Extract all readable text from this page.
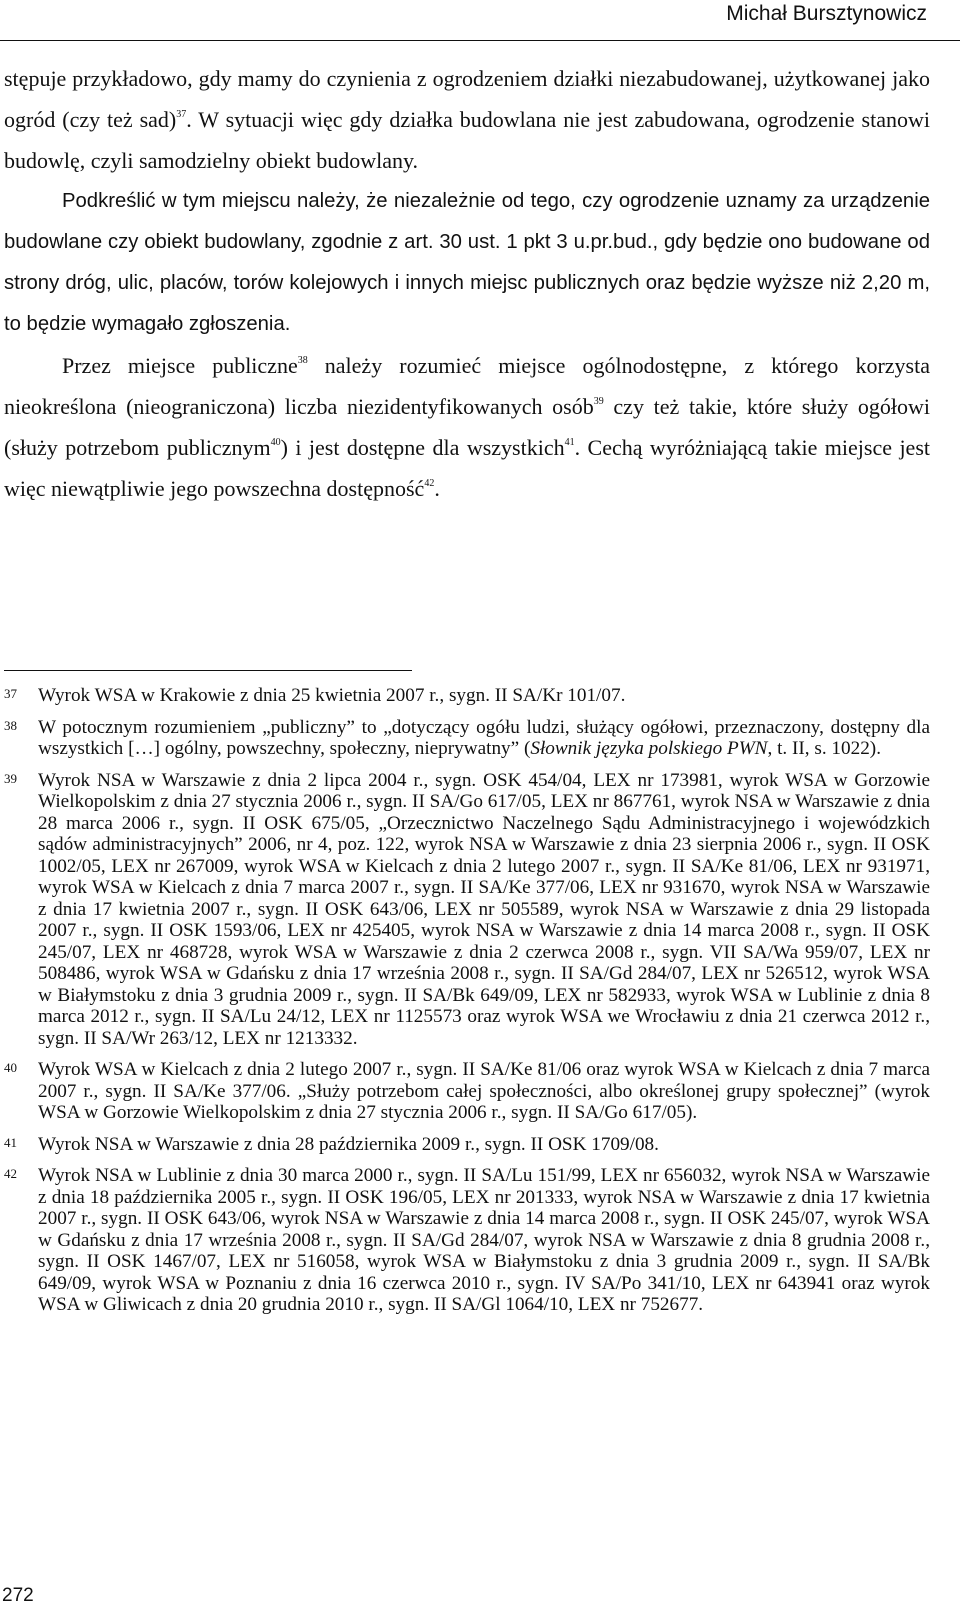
Michał Bursztynowicz

stępuje przykładowo, gdy mamy do czynienia z ogrodzeniem działki niezabudowanej, użytkowanej jako ogród (czy też sad)$^{37}$. W sytuacji więc gdy działka budowlana nie jest zabudowana, ogrodzenie stanowi budowlę, czyli samodzielny obiekt budowlany.

Podkreślić w tym miejscu należy, że niezależnie od tego, czy ogrodzenie uznamy za urządzenie budowlane czy obiekt budowlany, zgodnie z art. 30 ust. 1 pkt 3 u.pr.bud., gdy będzie ono budowane od strony dróg, ulic, placów, torów kolejowych i innych miejsc publicznych oraz będzie wyższe niż 2,20 m, to będzie wymagało zgłoszenia.

Przez miejsce publiczne$^{38}$ należy rozumieć miejsce ogólnodostępne, z którego korzysta nieokreślona (nieograniczona) liczba niezidentyfikowanych osób$^{39}$ czy też takie, które służy ogółowi (służy potrzebom publicznym$^{40}$) i jest dostępne dla wszystkich$^{41}$. Cechą wyróżniającą takie miejsce jest więc niewątpliwie jego powszechna dostępność$^{42}$.

37	Wyrok WSA w Krakowie z dnia 25 kwietnia 2007 r., sygn. II SA/Kr 101/07.

38	W potocznym rozumieniem „publiczny” to „dotyczący ogółu ludzi, służący ogółowi, przeznaczony, dostępny dla wszystkich […] ogólny, powszechny, społeczny, nieprywatny” (Słownik języka polskiego PWN, t. II, s. 1022).

39	Wyrok NSA w Warszawie z dnia 2 lipca 2004 r., sygn. OSK 454/04, LEX nr 173981, wyrok WSA w Gorzowie Wielkopolskim z dnia 27 stycznia 2006 r., sygn. II SA/Go 617/05, LEX nr 867761, wyrok NSA w Warszawie z dnia 28 marca 2006 r., sygn. II OSK 675/05, „Orzecznictwo Naczelnego Sądu Administracyjnego i wojewódzkich sądów administracyjnych” 2006, nr 4, poz. 122, wyrok NSA w Warszawie z dnia 23 sierpnia 2006 r., sygn. II OSK 1002/05, LEX nr 267009, wyrok WSA w Kielcach z dnia 2 lutego 2007 r., sygn. II SA/Ke 81/06, LEX nr 931971, wyrok WSA w Kielcach z dnia 7 marca 2007 r., sygn. II SA/Ke 377/06, LEX nr 931670, wyrok NSA w Warszawie z dnia 17 kwietnia 2007 r., sygn. II OSK 643/06, LEX nr 505589, wyrok NSA w Warszawie z dnia 29 listopada 2007 r., sygn. II OSK 1593/06, LEX nr 425405, wyrok NSA w Warszawie z dnia 14 marca 2008 r., sygn. II OSK 245/07, LEX nr 468728, wyrok WSA w Warszawie z dnia 2 czerwca 2008 r., sygn. VII SA/Wa 959/07, LEX nr 508486, wyrok WSA w Gdańsku z dnia 17 września 2008 r., sygn. II SA/Gd 284/07, LEX nr 526512, wyrok WSA w Białymstoku z dnia 3 grudnia 2009 r., sygn. II SA/Bk 649/09, LEX nr 582933, wyrok WSA w Lublinie z dnia 8 marca 2012 r., sygn. II SA/Lu 24/12, LEX nr 1125573 oraz wyrok WSA we Wrocławiu z dnia 21 czerwca 2012 r., sygn. II SA/Wr 263/12, LEX nr 1213332.

40	Wyrok WSA w Kielcach z dnia 2 lutego 2007 r., sygn. II SA/Ke 81/06 oraz wyrok WSA w Kielcach z dnia 7 marca 2007 r., sygn. II SA/Ke 377/06. „Służy potrzebom całej społeczności, albo określonej grupy społecznej” (wyrok WSA w Gorzowie Wielkopolskim z dnia 27 stycznia 2006 r., sygn. II SA/Go 617/05).

41	Wyrok NSA w Warszawie z dnia 28 października 2009 r., sygn. II OSK 1709/08.

42	Wyrok NSA w Lublinie z dnia 30 marca 2000 r., sygn. II SA/Lu 151/99, LEX nr 656032, wyrok NSA w Warszawie z dnia 18 października 2005 r., sygn. II OSK 196/05, LEX nr 201333, wyrok NSA w Warszawie z dnia 17 kwietnia 2007 r., sygn. II OSK 643/06, wyrok NSA w Warszawie z dnia 14 marca 2008 r., sygn. II OSK 245/07, wyrok WSA w Gdańsku z dnia 17 września 2008 r., sygn. II SA/Gd 284/07, wyrok NSA w Warszawie z dnia 8 grudnia 2008 r., sygn. II OSK 1467/07, LEX nr 516058, wyrok WSA w Białymstoku z dnia 3 grudnia 2009 r., sygn. II SA/Bk 649/09, wyrok WSA w Poznaniu z dnia 16 czerwca 2010 r., sygn. IV SA/Po 341/10, LEX nr 643941 oraz wyrok WSA w Gliwicach z dnia 20 grudnia 2010 r., sygn. II SA/Gl 1064/10, LEX nr 752677.

272
